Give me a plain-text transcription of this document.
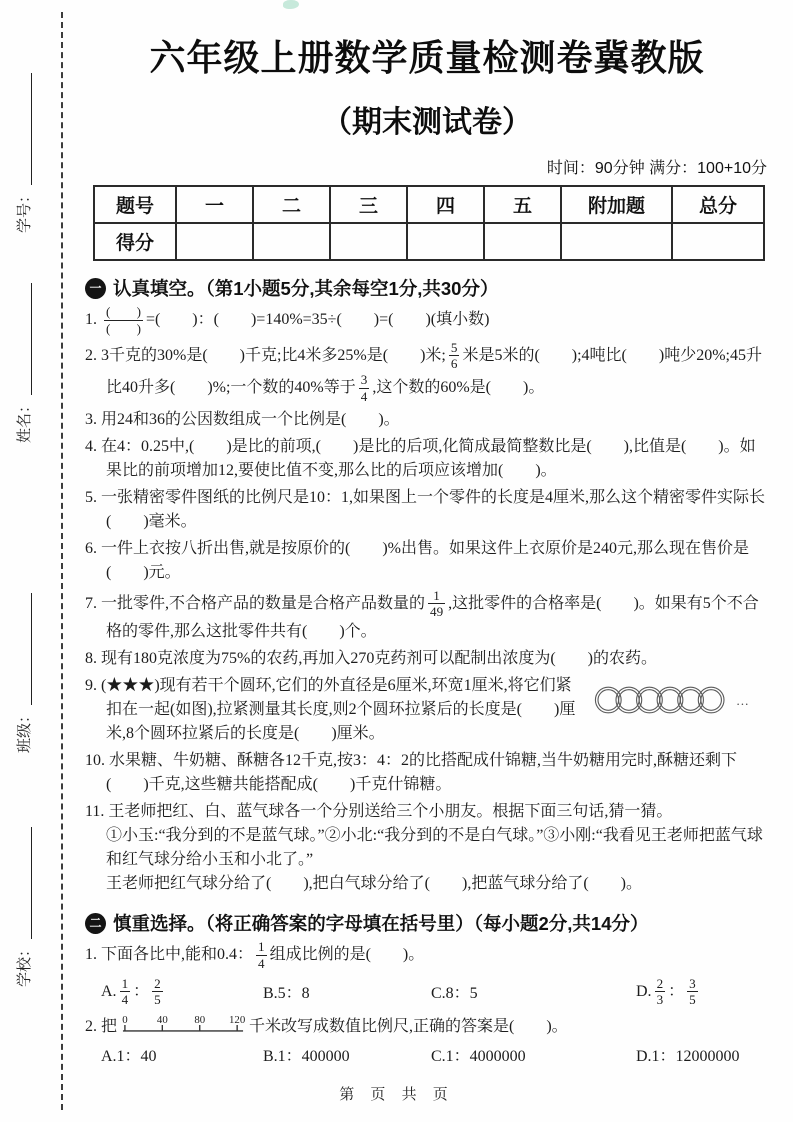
学号：
姓名：
班级：
学校：
六年级上册数学质量检测卷冀教版
（期末测试卷）
时间：90分钟 满分：100+10分
题号	一	二	三	四	五	附加题	总分
得分							
一 认真填空。（第1小题5分,其余每空1分,共30分）
1. $\frac{( )}{( )}$ =(　　)：(　　)=140%=35÷(　　)=(　　)(填小数)
2. 3千克的30%是(　　)千克;比4米多25%是(　　)米; $\frac{5}{6}$ 米是5米的(　　);4吨比(　　)吨少20%;45升比40升多(　　)%;一个数的40%等于 $\frac{3}{4}$ ,这个数的60%是(　　)。
3. 用24和36的公因数组成一个比例是(　　)。
4. 在4：0.25中,(　　)是比的前项,(　　)是比的后项,化简成最简整数比是(　　),比值是(　　)。如果比的前项增加12,要使比值不变,那么比的后项应该增加(　　)。
5. 一张精密零件图纸的比例尺是10：1,如果图上一个零件的长度是4厘米,那么这个精密零件实际长(　　)毫米。
6. 一件上衣按八折出售,就是按原价的(　　)%出售。如果这件上衣原价是240元,那么现在售价是(　　)元。
7. 一批零件,不合格产品的数量是合格产品数量的 $\frac{1}{49}$ ,这批零件的合格率是(　　)。如果有5个不合格的零件,那么这批零件共有(　　)个。
8. 现有180克浓度为75%的农药,再加入270克药剂可以配制出浓度为(　　)的农药。
…
9. (★★★)现有若干个圆环,它们的外直径是6厘米,环宽1厘米,将它们紧扣在一起(如图),拉紧测量其长度,则2个圆环拉紧后的长度是(　　)厘米,8个圆环拉紧后的长度是(　　)厘米。
10. 水果糖、牛奶糖、酥糖各12千克,按3：4：2的比搭配成什锦糖,当牛奶糖用完时,酥糖还剩下(　　)千克,这些糖共能搭配成(　　)千克什锦糖。
11. 王老师把红、白、蓝气球各一个分别送给三个小朋友。根据下面三句话,猜一猜。
①小玉:“我分到的不是蓝气球。”②小北:“我分到的不是白气球。”③小刚:“我看见王老师把蓝气球和红气球分给小玉和小北了。”
王老师把红气球分给了(　　),把白气球分给了(　　),把蓝气球分给了(　　)。
二 慎重选择。（将正确答案的字母填在括号里）（每小题2分,共14分）
1. 下面各比中,能和0.4： $\frac{1}{4}$ 组成比例的是(　　)。
A. $\frac{1}{4}$ ： $\frac{2}{5}$	B.5：8	C.8：5	D. $\frac{2}{3}$ ： $\frac{3}{5}$
2. 把 0	40 80 120 千米改写成数值比例尺,正确的答案是(　　)。
A.1：40	B.1：400000	C.1：4000000	D.1：12000000
第 页 共 页
